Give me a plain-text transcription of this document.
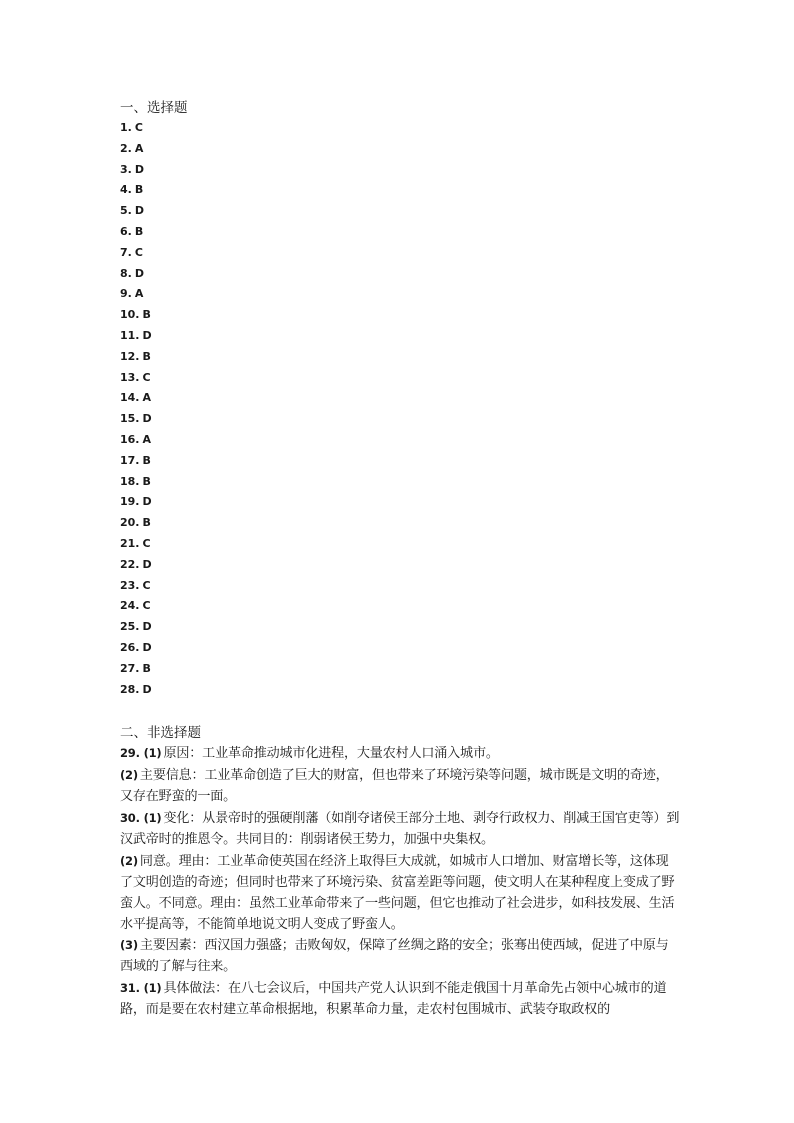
一、选择题
1. C
2. A
3. D
4. B
5. D
6. B
7. C
8. D
9. A
10. B
11. D
12. B
13. C
14. A
15. D
16. A
17. B
18. B
19. D
20. B
21. C
22. D
23. C
24. C
25. D
26. D
27. B
28. D
二、非选择题

29. (1) 原因：工业革命推动城市化进程，大量农村人口涌入城市。

(2) 主要信息：工业革命创造了巨大的财富，但也带来了环境污染等问题，城市既是文明的奇迹，又存在野蛮的一面。

30. (1) 变化：从景帝时的强硬削藩（如削夺诸侯王部分土地、剥夺行政权力、削减王国官吏等）到汉武帝时的推恩令。共同目的：削弱诸侯王势力，加强中央集权。

(2) 同意。理由：工业革命使英国在经济上取得巨大成就，如城市人口增加、财富增长等，这体现了文明创造的奇迹；但同时也带来了环境污染、贫富差距等问题，使文明人在某种程度上变成了野蛮人。不同意。理由：虽然工业革命带来了一些问题，但它也推动了社会进步，如科技发展、生活水平提高等，不能简单地说文明人变成了野蛮人。

(3) 主要因素：西汉国力强盛；击败匈奴，保障了丝绸之路的安全；张骞出使西域，促进了中原与西域的了解与往来。

31. (1) 具体做法：在八七会议后，中国共产党人认识到不能走俄国十月革命先占领中心城市的道路，而是要在农村建立革命根据地，积累革命力量，走农村包围城市、武装夺取政权的
